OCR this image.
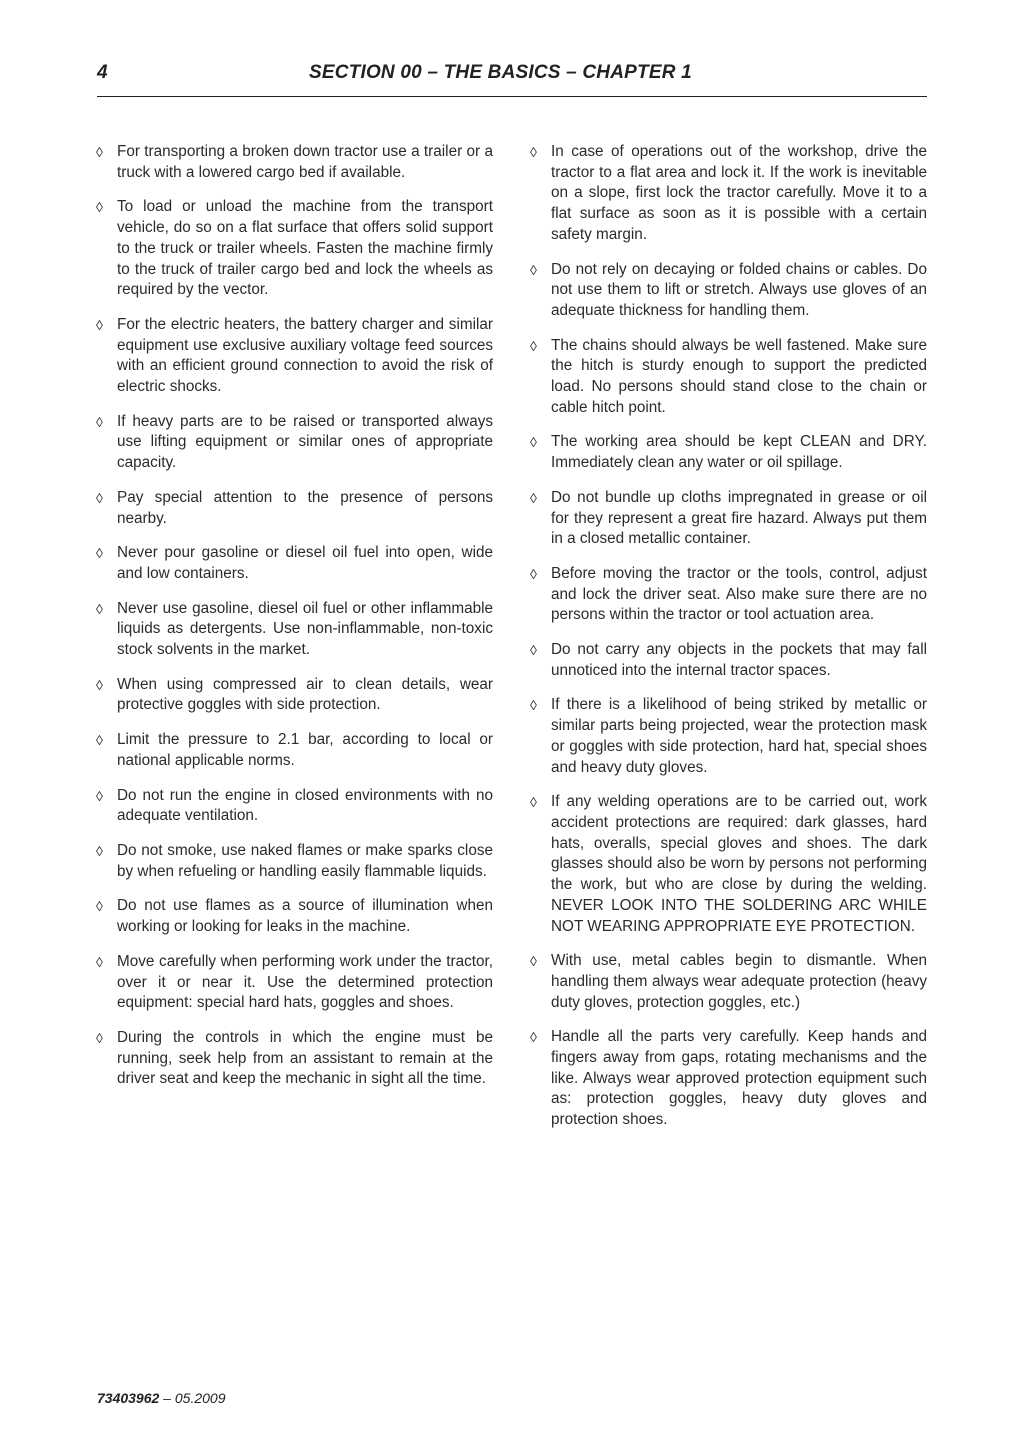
4	SECTION 00 – THE BASICS – CHAPTER 1
◊ For transporting a broken down tractor use a trailer or a truck with a lowered cargo bed if available.
◊ To load or unload the machine from the transport vehicle, do so on a flat surface that offers solid support to the truck or trailer wheels. Fasten the machine firmly to the truck of trailer cargo bed and lock the wheels as required by the vector.
◊ For the electric heaters, the battery charger and similar equipment use exclusive auxiliary voltage feed sources with an efficient ground connection to avoid the risk of electric shocks.
◊ If heavy parts are to be raised or transported always use lifting equipment or similar ones of appropriate capacity.
◊ Pay special attention to the presence of persons nearby.
◊ Never pour gasoline or diesel oil fuel into open, wide and low containers.
◊ Never use gasoline, diesel oil fuel or other inflammable liquids as detergents. Use non-inflammable, non-toxic stock solvents in the market.
◊ When using compressed air to clean details, wear protective goggles with side protection.
◊ Limit the pressure to 2.1 bar, according to local or national applicable norms.
◊ Do not run the engine in closed environments with no adequate ventilation.
◊ Do not smoke, use naked flames or make sparks close by when refueling or handling easily flammable liquids.
◊ Do not use flames as a source of illumination when working or looking for leaks in the machine.
◊ Move carefully when performing work under the tractor, over it or near it. Use the determined protection equipment: special hard hats, goggles and shoes.
◊ During the controls in which the engine must be running, seek help from an assistant to remain at the driver seat and keep the mechanic in sight all the time.
◊ In case of operations out of the workshop, drive the tractor to a flat area and lock it. If the work is inevitable on a slope, first lock the tractor carefully. Move it to a flat surface as soon as it is possible with a certain safety margin.
◊ Do not rely on decaying or folded chains or cables. Do not use them to lift or stretch. Always use gloves of an adequate thickness for handling them.
◊ The chains should always be well fastened. Make sure the hitch is sturdy enough to support the predicted load. No persons should stand close to the chain or cable hitch point.
◊ The working area should be kept CLEAN and DRY. Immediately clean any water or oil spillage.
◊ Do not bundle up cloths impregnated in grease or oil for they represent a great fire hazard. Always put them in a closed metallic container.
◊ Before moving the tractor or the tools, control, adjust and lock the driver seat. Also make sure there are no persons within the tractor or tool actuation area.
◊ Do not carry any objects in the pockets that may fall unnoticed into the internal tractor spaces.
◊ If there is a likelihood of being striked by metallic or similar parts being projected, wear the protection mask or goggles with side protection, hard hat, special shoes and heavy duty gloves.
◊ If any welding operations are to be carried out, work accident protections are required: dark glasses, hard hats, overalls, special gloves and shoes. The dark glasses should also be worn by persons not performing the work, but who are close by during the welding. NEVER LOOK INTO THE SOLDERING ARC WHILE NOT WEARING APPROPRIATE EYE PROTECTION.
◊ With use, metal cables begin to dismantle. When handling them always wear adequate protection (heavy duty gloves, protection goggles, etc.)
◊ Handle all the parts very carefully. Keep hands and fingers away from gaps, rotating mechanisms and the like. Always wear approved protection equipment such as: protection goggles, heavy duty gloves and protection shoes.
73403962 – 05.2009
